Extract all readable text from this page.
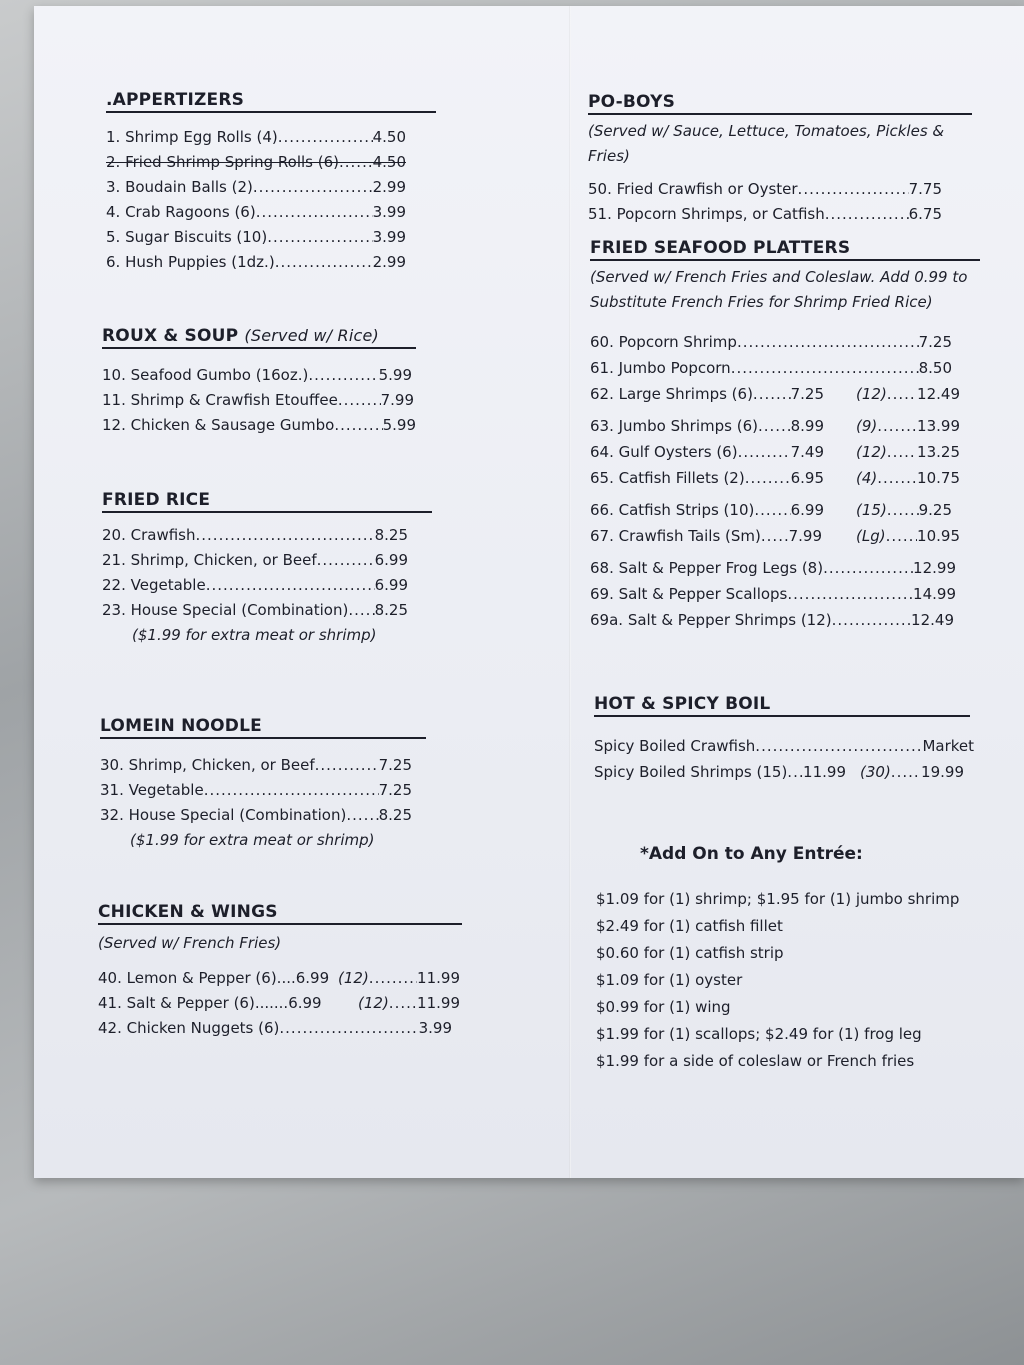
.APPERTIZERS
1. Shrimp Egg Rolls (4) .....	4.50
2. Fried Shrimp Spring Rolls (6) ..... 4.50
3. Boudain Balls (2) .....	2.99
4. Crab Ragoons (6) .....	3.99
5. Sugar Biscuits (10) .....	3.99
6. Hush Puppies (1dz.) .....	2.99
ROUX & SOUP (Served w/ Rice)
10. Seafood Gumbo (16oz.) .....	5.99
11. Shrimp & Crawfish Etouffee .....	7.99
12. Chicken & Sausage Gumbo .....	5.99
FRIED RICE
20. Crawfish .....	8.25
21. Shrimp, Chicken, or Beef .....	6.99
22. Vegetable .....	6.99
23. House Special (Combination) ..... 8.25
($1.99 for extra meat or shrimp)
LOMEIN NOODLE
30. Shrimp, Chicken, or Beef .....	7.25
31. Vegetable .....	7.25
32. House Special (Combination) ..... 8.25
($1.99 for extra meat or shrimp)
CHICKEN & WINGS
(Served w/ French Fries)
40. Lemon & Pepper (6)....6.99 (12) .....	11.99
41. Salt & Pepper (6).......6.99	(12) ..... 11.99
42. Chicken Nuggets (6) .....	3.99
PO-BOYS
(Served w/ Sauce, Lettuce, Tomatoes, Pickles & Fries)
50. Fried Crawfish or Oyster .....	7.75
51. Popcorn Shrimps, or Catfish .....	6.75
FRIED SEAFOOD PLATTERS
(Served w/ French Fries and Coleslaw. Add 0.99 to
Substitute French Fries for Shrimp Fried Rice)
60. Popcorn Shrimp .....	7.25
61. Jumbo Popcorn .....	8.50
62. Large Shrimps (6) .....	7.25 (12) ..... 12.49
63. Jumbo Shrimps (6) ..... 8.99 (9) .....	13.99
64. Gulf Oysters (6) .....	7.49 (12) ..... 13.25
65. Catfish Fillets (2) .....	6.95 (4) .....	10.75
66. Catfish Strips (10) ..... 6.99 (15) ..... 9.25
67. Crawfish Tails (Sm) ..... 7.99 (Lg) ..... 10.95
68. Salt & Pepper Frog Legs (8) .....	12.99
69. Salt & Pepper Scallops .....	14.99
69a. Salt & Pepper Shrimps (12) .....	12.49
HOT & SPICY BOIL
Spicy Boiled Crawfish .....	Market
Spicy Boiled Shrimps (15) ..... 11.99 (30) ..... 19.99
*Add On to Any Entrée:
$1.09 for (1) shrimp; $1.95 for (1) jumbo shrimp
$2.49 for (1) catfish fillet
$0.60 for (1) catfish strip
$1.09 for (1) oyster
$0.99 for (1) wing
$1.99 for (1) scallops; $2.49 for (1) frog leg
$1.99 for a side of coleslaw or French fries
